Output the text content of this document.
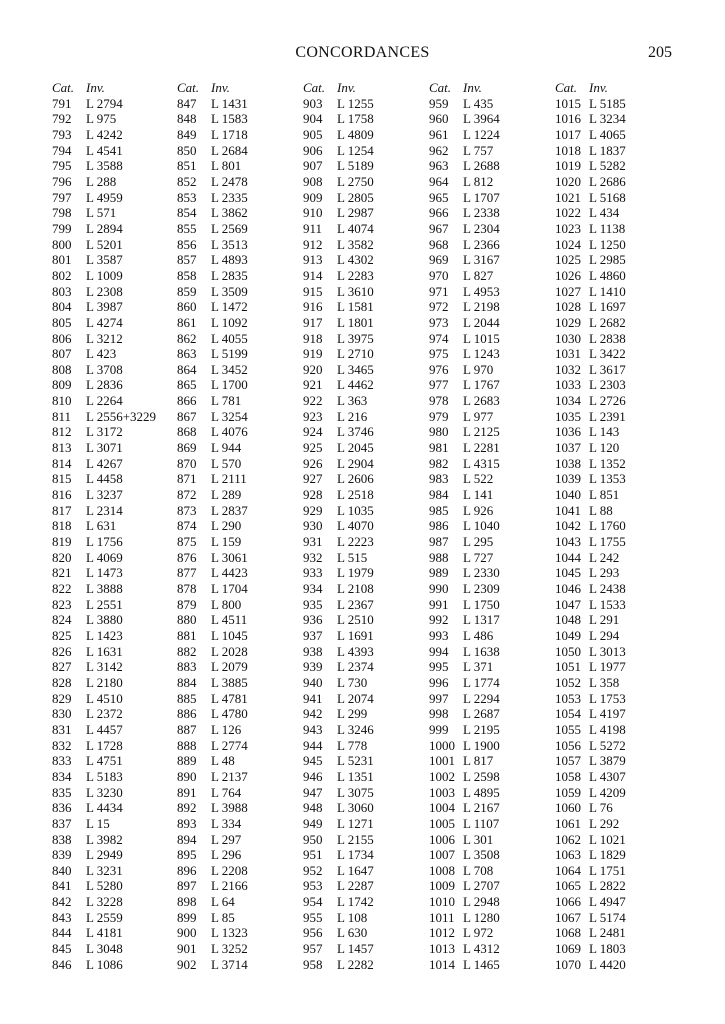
CONCORDANCES	205
Cat. Inv.
791 L 2794
792 L 975
793 L 4242
794 L 4541
795 L 3588
796 L 288
797 L 4959
798 L 571
799 L 2894
800 L 5201
801 L 3587
802 L 1009
803 L 2308
804 L 3987
805 L 4274
806 L 3212
807 L 423
808 L 3708
809 L 2836
810 L 2264
811 L 2556+3229
812 L 3172
813 L 3071
814 L 4267
815 L 4458
816 L 3237
817 L 2314
818 L 631
819 L 1756
820 L 4069
821 L 1473
822 L 3888
823 L 2551
824 L 3880
825 L 1423
826 L 1631
827 L 3142
828 L 2180
829 L 4510
830 L 2372
831 L 4457
832 L 1728
833 L 4751
834 L 5183
835 L 3230
836 L 4434
837 L 15
838 L 3982
839 L 2949
840 L 3231
841 L 5280
842 L 3228
843 L 2559
844 L 4181
845 L 3048
846 L 1086
Cat. Inv.
847 L 1431
848 L 1583
849 L 1718
850 L 2684
851 L 801
852 L 2478
853 L 2335
854 L 3862
855 L 2569
856 L 3513
857 L 4893
858 L 2835
859 L 3509
860 L 1472
861 L 1092
862 L 4055
863 L 5199
864 L 3452
865 L 1700
866 L 781
867 L 3254
868 L 4076
869 L 944
870 L 570
871 L 2111
872 L 289
873 L 2837
874 L 290
875 L 159
876 L 3061
877 L 4423
878 L 1704
879 L 800
880 L 4511
881 L 1045
882 L 2028
883 L 2079
884 L 3885
885 L 4781
886 L 4780
887 L 126
888 L 2774
889 L 48
890 L 2137
891 L 764
892 L 3988
893 L 334
894 L 297
895 L 296
896 L 2208
897 L 2166
898 L 64
899 L 85
900 L 1323
901 L 3252
902 L 3714
Cat. Inv.
903 L 1255
904 L 1758
905 L 4809
906 L 1254
907 L 5189
908 L 2750
909 L 2805
910 L 2987
911 L 4074
912 L 3582
913 L 4302
914 L 2283
915 L 3610
916 L 1581
917 L 1801
918 L 3975
919 L 2710
920 L 3465
921 L 4462
922 L 363
923 L 216
924 L 3746
925 L 2045
926 L 2904
927 L 2606
928 L 2518
929 L 1035
930 L 4070
931 L 2223
932 L 515
933 L 1979
934 L 2108
935 L 2367
936 L 2510
937 L 1691
938 L 4393
939 L 2374
940 L 730
941 L 2074
942 L 299
943 L 3246
944 L 778
945 L 5231
946 L 1351
947 L 3075
948 L 3060
949 L 1271
950 L 2155
951 L 1734
952 L 1647
953 L 2287
954 L 1742
955 L 108
956 L 630
957 L 1457
958 L 2282
Cat. Inv.
959 L 435
960 L 3964
961 L 1224
962 L 757
963 L 2688
964 L 812
965 L 1707
966 L 2338
967 L 2304
968 L 2366
969 L 3167
970 L 827
971 L 4953
972 L 2198
973 L 2044
974 L 1015
975 L 1243
976 L 970
977 L 1767
978 L 2683
979 L 977
980 L 2125
981 L 2281
982 L 4315
983 L 522
984 L 141
985 L 926
986 L 1040
987 L 295
988 L 727
989 L 2330
990 L 2309
991 L 1750
992 L 1317
993 L 486
994 L 1638
995 L 371
996 L 1774
997 L 2294
998 L 2687
999 L 2195
1000 L 1900
1001 L 817
1002 L 2598
1003 L 4895
1004 L 2167
1005 L 1107
1006 L 301
1007 L 3508
1008 L 708
1009 L 2707
1010 L 2948
1011 L 1280
1012 L 972
1013 L 4312
1014 L 1465
Cat. Inv.
1015 L 5185
1016 L 3234
1017 L 4065
1018 L 1837
1019 L 5282
1020 L 2686
1021 L 5168
1022 L 434
1023 L 1138
1024 L 1250
1025 L 2985
1026 L 4860
1027 L 1410
1028 L 1697
1029 L 2682
1030 L 2838
1031 L 3422
1032 L 3617
1033 L 2303
1034 L 2726
1035 L 2391
1036 L 143
1037 L 120
1038 L 1352
1039 L 1353
1040 L 851
1041 L 88
1042 L 1760
1043 L 1755
1044 L 242
1045 L 293
1046 L 2438
1047 L 1533
1048 L 291
1049 L 294
1050 L 3013
1051 L 1977
1052 L 358
1053 L 1753
1054 L 4197
1055 L 4198
1056 L 5272
1057 L 3879
1058 L 4307
1059 L 4209
1060 L 76
1061 L 292
1062 L 1021
1063 L 1829
1064 L 1751
1065 L 2822
1066 L 4947
1067 L 5174
1068 L 2481
1069 L 1803
1070 L 4420
